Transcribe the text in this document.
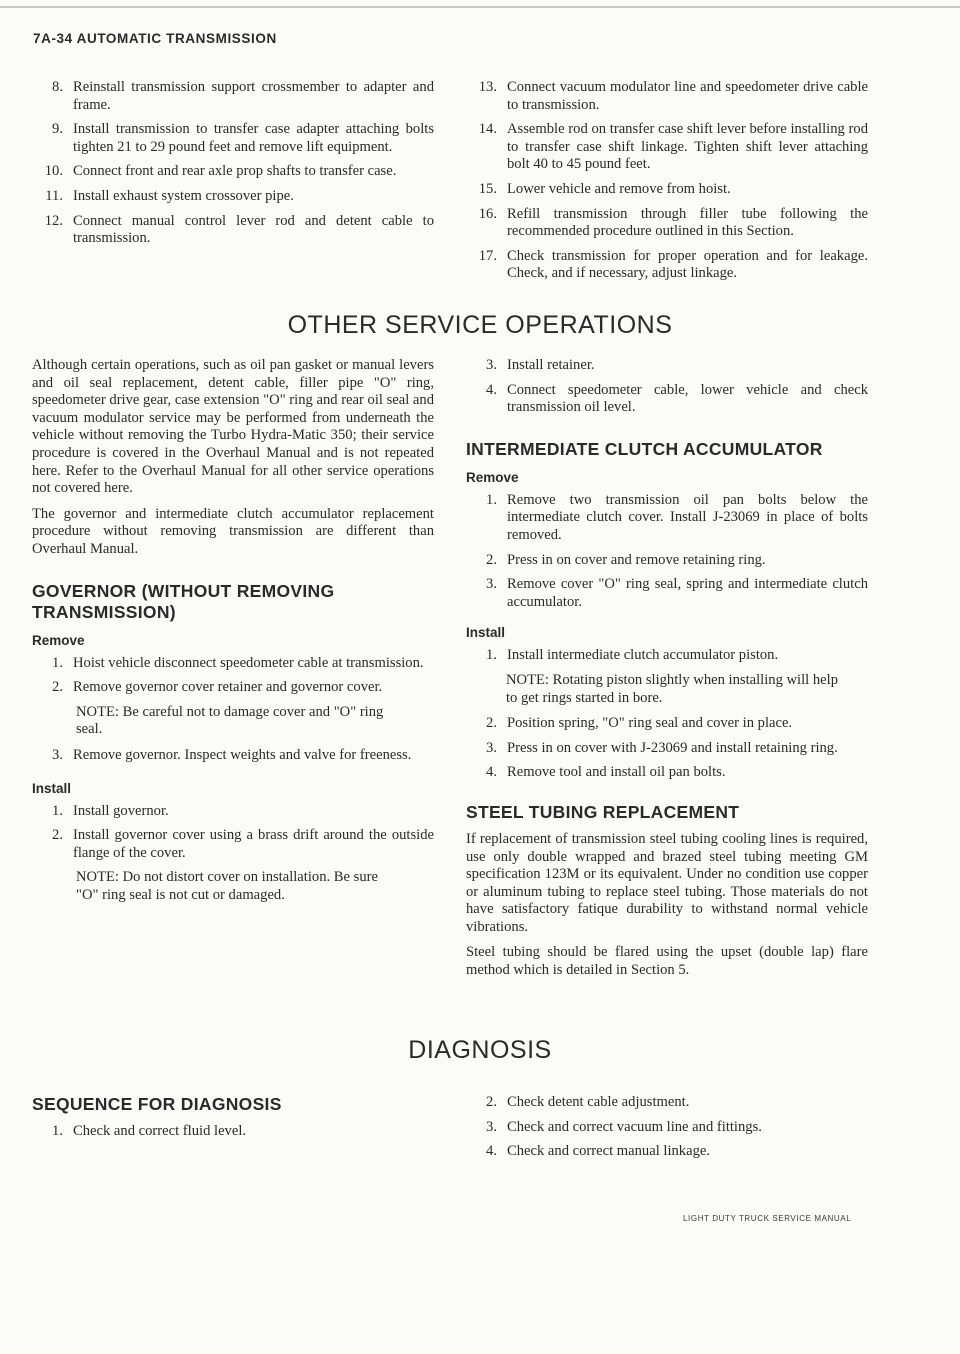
7A-34 AUTOMATIC TRANSMISSION
8. Reinstall transmission support crossmember to adapter and frame.
9. Install transmission to transfer case adapter attaching bolts tighten 21 to 29 pound feet and remove lift equipment.
10. Connect front and rear axle prop shafts to transfer case.
11. Install exhaust system crossover pipe.
12. Connect manual control lever rod and detent cable to transmission.
13. Connect vacuum modulator line and speedometer drive cable to transmission.
14. Assemble rod on transfer case shift lever before installing rod to transfer case shift linkage. Tighten shift lever attaching bolt 40 to 45 pound feet.
15. Lower vehicle and remove from hoist.
16. Refill transmission through filler tube following the recommended procedure outlined in this Section.
17. Check transmission for proper operation and for leakage. Check, and if necessary, adjust linkage.
OTHER SERVICE OPERATIONS

Although certain operations, such as oil pan gasket or manual levers and oil seal replacement, detent cable, filler pipe "O" ring, speedometer drive gear, case extension "O" ring and rear oil seal and vacuum modulator service may be performed from underneath the vehicle without removing the Turbo Hydra-Matic 350; their service procedure is covered in the Overhaul Manual and is not repeated here. Refer to the Overhaul Manual for all other service operations not covered here.

The governor and intermediate clutch accumulator replacement procedure without removing transmission are different than Overhaul Manual.

GOVERNOR (WITHOUT REMOVING TRANSMISSION)
Remove
1. Hoist vehicle disconnect speedometer cable at transmission.
2. Remove governor cover retainer and governor cover.

NOTE: Be careful not to damage cover and "O" ring seal.

3. Remove governor. Inspect weights and valve for freeness.
Install
1. Install governor.
2. Install governor cover using a brass drift around the outside flange of the cover.

NOTE: Do not distort cover on installation. Be sure "O" ring seal is not cut or damaged.

3. Install retainer.
4. Connect speedometer cable, lower vehicle and check transmission oil level.
INTERMEDIATE CLUTCH ACCUMULATOR
Remove
1. Remove two transmission oil pan bolts below the intermediate clutch cover. Install J-23069 in place of bolts removed.
2. Press in on cover and remove retaining ring.
3. Remove cover "O" ring seal, spring and intermediate clutch accumulator.
Install
1. Install intermediate clutch accumulator piston.

NOTE: Rotating piston slightly when installing will help to get rings started in bore.

2. Position spring, "O" ring seal and cover in place.
3. Press in on cover with J-23069 and install retaining ring.
4. Remove tool and install oil pan bolts.
STEEL TUBING REPLACEMENT

If replacement of transmission steel tubing cooling lines is required, use only double wrapped and brazed steel tubing meeting GM specification 123M or its equivalent. Under no condition use copper or aluminum tubing to replace steel tubing. Those materials do not have satisfactory fatique durability to withstand normal vehicle vibrations.

Steel tubing should be flared using the upset (double lap) flare method which is detailed in Section 5.

DIAGNOSIS
SEQUENCE FOR DIAGNOSIS
1. Check and correct fluid level.
2. Check detent cable adjustment.
3. Check and correct vacuum line and fittings.
4. Check and correct manual linkage.
LIGHT DUTY TRUCK SERVICE MANUAL
